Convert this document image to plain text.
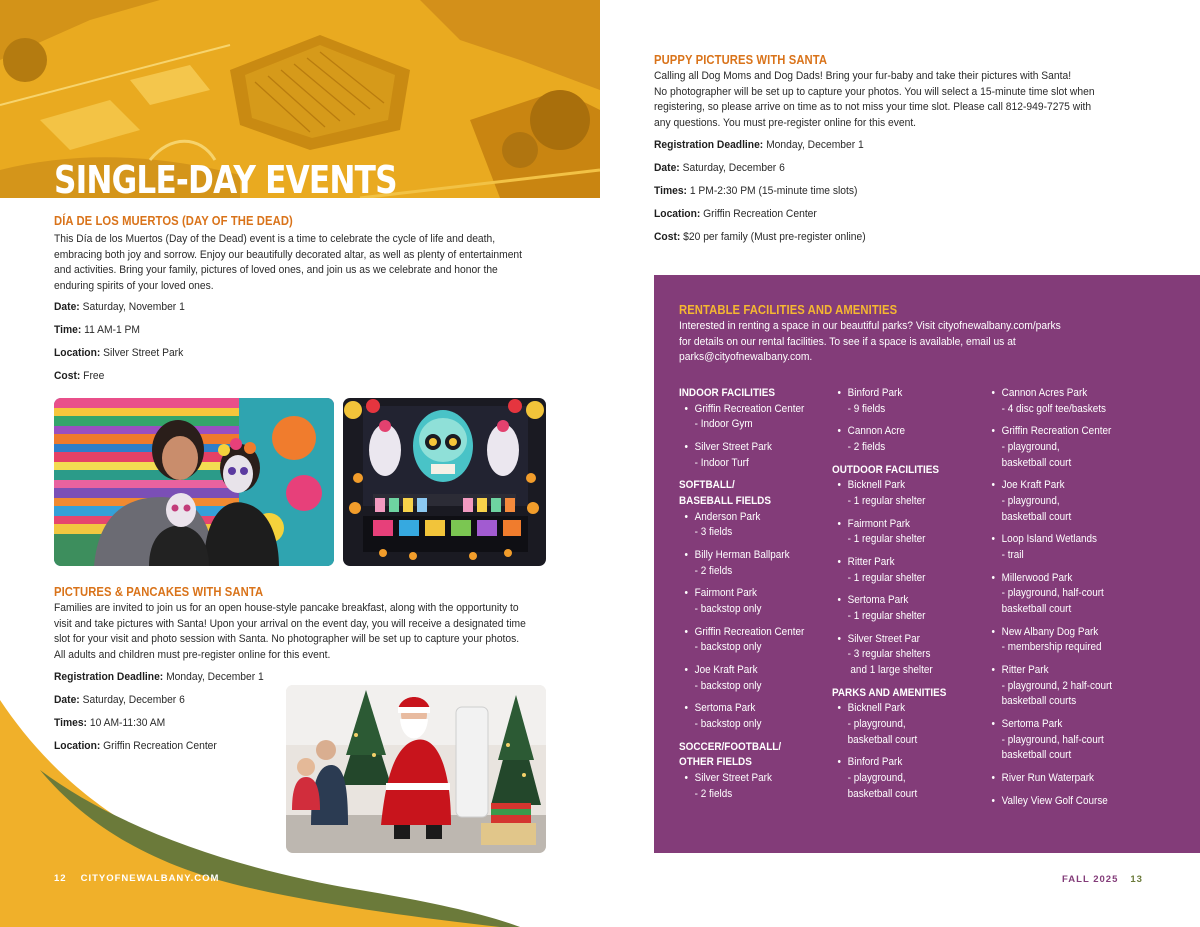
SINGLE-DAY EVENTS
DÍA DE LOS MUERTOS (DAY OF THE DEAD)

This Día de los Muertos (Day of the Dead) event is a time to celebrate the cycle of life and death,

embracing both joy and sorrow. Enjoy our beautifully decorated altar, as well as plenty of entertainment

and activities. Bring your family, pictures of loved ones, and join us as we celebrate and honor the

enduring spirits of your loved ones.

Date: Saturday, November 1
Time: 11 AM-1 PM
Location: Silver Street Park
Cost: Free
PICTURES & PANCAKES WITH SANTA

Families are invited to join us for an open house-style pancake breakfast, along with the opportunity to

visit and take pictures with Santa! Upon your arrival on the event day, you will receive a designated time

slot for your visit and photo session with Santa. No photographer will be set up to capture your photos.

All adults and children must pre-register online for this event.

Registration Deadline: Monday, December 1
Date: Saturday, December 6
Times: 10 AM-11:30 AM
Location: Griffin Recreation Center
12 CITYOFNEWALBANY.COM
PUPPY PICTURES WITH SANTA

Calling all Dog Moms and Dog Dads! Bring your fur-baby and take their pictures with Santa!

No photographer will be set up to capture your photos. You will select a 15-minute time slot when

registering, so please arrive on time as to not miss your time slot. Please call 812-949-7275 with

any questions. You must pre-register online for this event.

Registration Deadline: Monday, December 1
Date: Saturday, December 6
Times: 1 PM-2:30 PM (15-minute time slots)
Location: Griffin Recreation Center
Cost: $20 per family (Must pre-register online)
RENTABLE FACILITIES AND AMENITIES

Interested in renting a space in our beautiful parks? Visit cityofnewalbany.com/parks

for details on our rental facilities. To see if a space is available, email us at

parks@cityofnewalbany.com.

INDOOR FACILITIES
• Griffin Recreation Center
- Indoor Gym
• Silver Street Park
- Indoor Turf
SOFTBALL/
BASEBALL FIELDS
• Anderson Park
- 3 fields
• Billy Herman Ballpark
- 2 fields
• Fairmont Park
- backstop only
• Griffin Recreation Center
- backstop only
• Joe Kraft Park
- backstop only
• Sertoma Park
- backstop only
SOCCER/FOOTBALL/
OTHER FIELDS
• Silver Street Park
- 2 fields
• Binford Park
- 9 fields
• Cannon Acre
- 2 fields
OUTDOOR FACILITIES
• Bicknell Park
- 1 regular shelter
• Fairmont Park
- 1 regular shelter
• Ritter Park
- 1 regular shelter
• Sertoma Park
- 1 regular shelter
• Silver Street Par
- 3 regular shelters
and 1 large shelter
PARKS AND AMENITIES
• Bicknell Park
- playground,
basketball court
• Binford Park
- playground,
basketball court
• Cannon Acres Park
- 4 disc golf tee/baskets
• Griffin Recreation Center
- playground,
basketball court
• Joe Kraft Park
- playground,
basketball court
• Loop Island Wetlands
- trail
• Millerwood Park
- playground, half-court
basketball court
• New Albany Dog Park
- membership required
• Ritter Park
- playground, 2 half-court
basketball courts
• Sertoma Park
- playground, half-court
basketball court
• River Run Waterpark
• Valley View Golf Course
FALL 2025 13
